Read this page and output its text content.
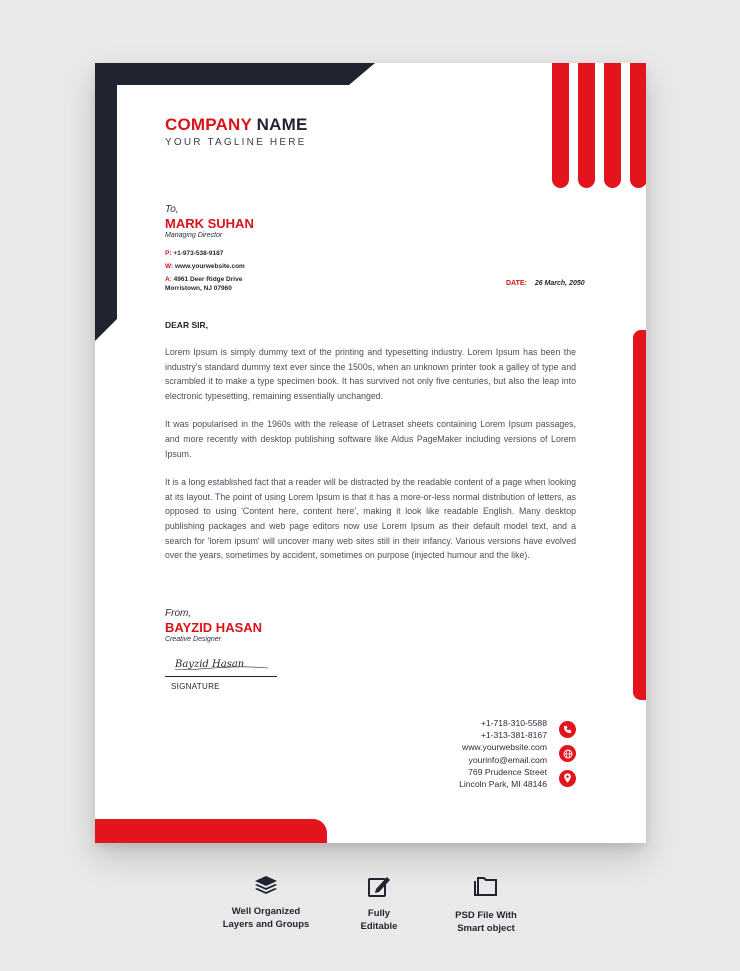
COMPANY NAME
YOUR TAGLINE HERE
To,
MARK SUHAN
Managing Director
P: +1-973-538-9187
W: www.yourwebsite.com
A: 4961 Deer Ridge Drive
Morristown, NJ 07960
DATE: 26 March, 2050
DEAR SIR,

Lorem Ipsum is simply dummy text of the printing and typesetting industry. Lorem Ipsum has been the industry's standard dummy text ever since the 1500s, when an unknown printer took a galley of type and scrambled it to make a type specimen book. It has survived not only five centuries, but also the leap into electronic typesetting, remaining essentially unchanged.

It was popularised in the 1960s with the release of Letraset sheets containing Lorem Ipsum passages, and more recently with desktop publishing software like Aldus PageMaker including versions of Lorem Ipsum.

It is a long established fact that a reader will be distracted by the readable content of a page when looking at its layout. The point of using Lorem Ipsum is that it has a more-or-less normal distribution of letters, as opposed to using 'Content here, content here', making it look like readable English. Many desktop publishing packages and web page editors now use Lorem Ipsum as their default model text, and a search for 'lorem ipsum' will uncover many web sites still in their infancy. Various versions have evolved over the years, sometimes by accident, sometimes on purpose (injected humour and the like).

From,
BAYZID HASAN
Creative Designer
Bayzid Hasan
SIGNATURE
+1-718-310-5588
+1-313-381-8167
www.yourwebsite.com
yourinfo@email.com
769 Prudence Street
Lincoln Park, MI 48146
Well Organized
Layers and Groups
Fully
Editable
PSD File With
Smart object
